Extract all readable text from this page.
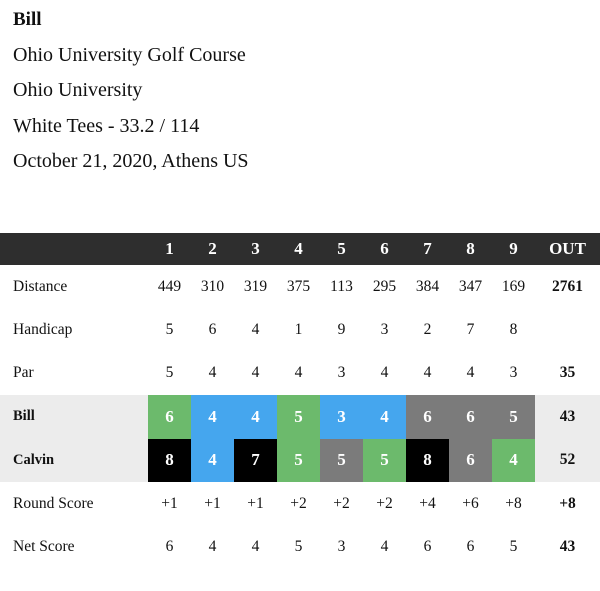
Bill
Ohio University Golf Course
Ohio University
White Tees - 33.2 / 114
October 21, 2020, Athens US
	1	2	3	4	5	6	7	8	9	OUT
Distance	449	310	319	375	113	295	384	347	169	2761
Handicap	5	6	4	1	9	3	2	7	8	
Par	5	4	4	4	3	4	4	4	3	35
Bill	6	4	4	5	3	4	6	6	5	43
Calvin	8	4	7	5	5	5	8	6	4	52
Round Score	+1	+1	+1	+2	+2	+2	+4	+6	+8	+8
Net Score	6	4	4	5	3	4	6	6	5	43
